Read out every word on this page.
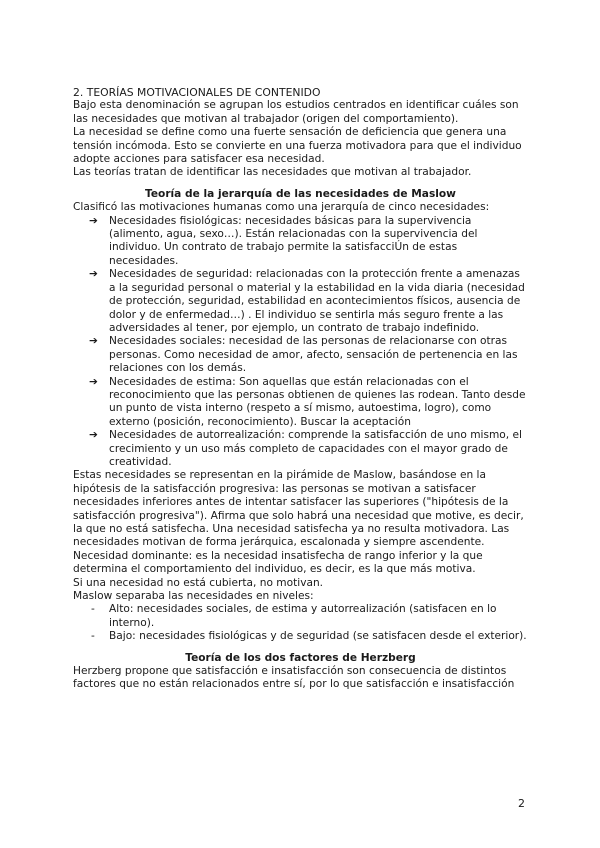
2. TEORÍAS MOTIVACIONALES DE CONTENIDO

Bajo esta denominación se agrupan los estudios centrados en identificar cuáles son las necesidades que motivan al trabajador (origen del comportamiento).

La necesidad se define como una fuerte sensación de deficiencia que genera una tensión incómoda. Esto se convierte en una fuerza motivadora para que el individuo adopte acciones para satisfacer esa necesidad.

Las teorías tratan de identificar las necesidades que motivan al trabajador.

Teoría de la jerarquía de las necesidades de Maslow

Clasificó las motivaciones humanas como una jerarquía de cinco necesidades:

➔ Necesidades fisiológicas: necesidades básicas para la supervivencia (alimento, agua, sexo…). Están relacionadas con la supervivencia del individuo. Un contrato de trabajo permite la satisfacciÚn de estas necesidades.
➔ Necesidades de seguridad: relacionadas con la protección frente a amenazas a la seguridad personal o material y la estabilidad en la vida diaria (necesidad de protección, seguridad, estabilidad en acontecimientos físicos, ausencia de dolor y de enfermedad…) . El individuo se sentirla más seguro frente a las adversidades al tener, por ejemplo, un contrato de trabajo indefinido.
➔ Necesidades sociales: necesidad de las personas de relacionarse con otras personas. Como necesidad de amor, afecto, sensación de pertenencia en las relaciones con los demás.
➔ Necesidades de estima: Son aquellas que están relacionadas con el reconocimiento que las personas obtienen de quienes las rodean. Tanto desde un punto de vista interno (respeto a sí mismo, autoestima, logro), como externo (posición, reconocimiento). Buscar la aceptación
➔ Necesidades de autorrealización: comprende la satisfacción de uno mismo, el crecimiento y un uso más completo de capacidades con el mayor grado de creatividad.

Estas necesidades se representan en la pirámide de Maslow, basándose en la hipótesis de la satisfacción progresiva: las personas se motivan a satisfacer necesidades inferiores antes de intentar satisfacer las superiores ("hipótesis de la satisfacción progresiva"). Afirma que solo habrá una necesidad que motive, es decir, la que no está satisfecha. Una necesidad satisfecha ya no resulta motivadora. Las necesidades motivan de forma jerárquica, escalonada y siempre ascendente.

Necesidad dominante: es la necesidad insatisfecha de rango inferior y la que determina el comportamiento del individuo, es decir, es la que más motiva.

Si una necesidad no está cubierta, no motivan.

Maslow separaba las necesidades en niveles:

- Alto: necesidades sociales, de estima y autorrealización (satisfacen en lo interno).
- Bajo: necesidades fisiológicas y de seguridad (se satisfacen desde el exterior).

Teoría de los dos factores de Herzberg

Herzberg propone que satisfacción e insatisfacción son consecuencia de distintos factores que no están relacionados entre sí, por lo que satisfacción e insatisfacción

2
